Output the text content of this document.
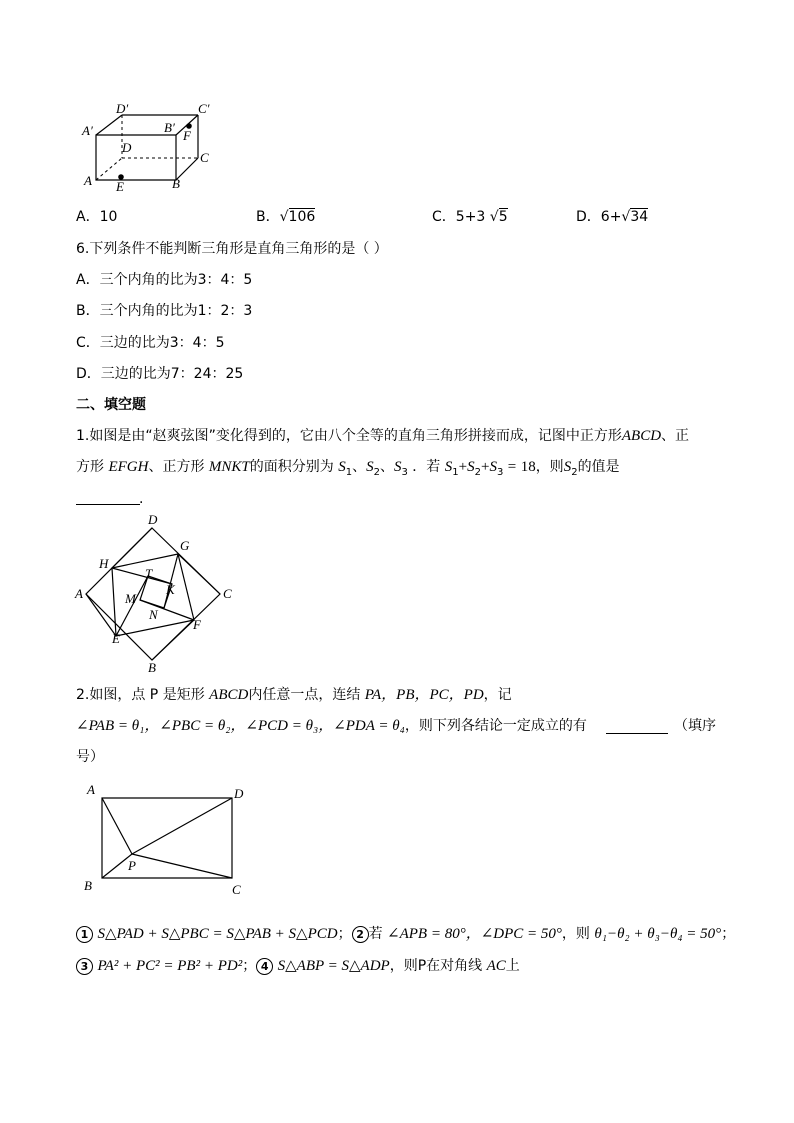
D′	C′
A′	B′
F
D
C
A E	B
A．10	B．√106	C．5+3 √5	D．6+√34
6.下列条件不能判断三角形是直角三角形的是（ ）
A．三个内角的比为3：4：5
B．三个内角的比为1：2：3
C．三边的比为3：4：5
D．三边的比为7：24：25
二、填空题
1.如图是由“赵爽弦图”变化得到的，它由八个全等的直角三角形拼接而成，记图中正方形ABCD、正
方形 EFGH、正方形 MNKT的面积分别为 $S_1$、$S_2$、$S_3$ ．若 $S_1+S_2+S_3 = 18$，则$S_2$的值是
.
D
G
H
T
K
A	C
M
N
E
F
B
2.如图，点 P 是矩形 ABCD内任意一点，连结 PA，PB，PC，PD，记
∠PAB = θ₁，∠PBC = θ₂，∠PCD = θ₃，∠PDA = θ₄，则下列各结论一定成立的有	（填序
号）
A	D
P
B	C
1 S△PAD + S△PBC = S△PAB + S△PCD； 2 若 ∠APB = 80°，∠DPC = 50°，则 θ₁−θ₂ + θ₃−θ₄ = 50°；
3 PA² + PC² = PB² + PD²； 4 S△ABP = S△ADP，则P在对角线 AC上
